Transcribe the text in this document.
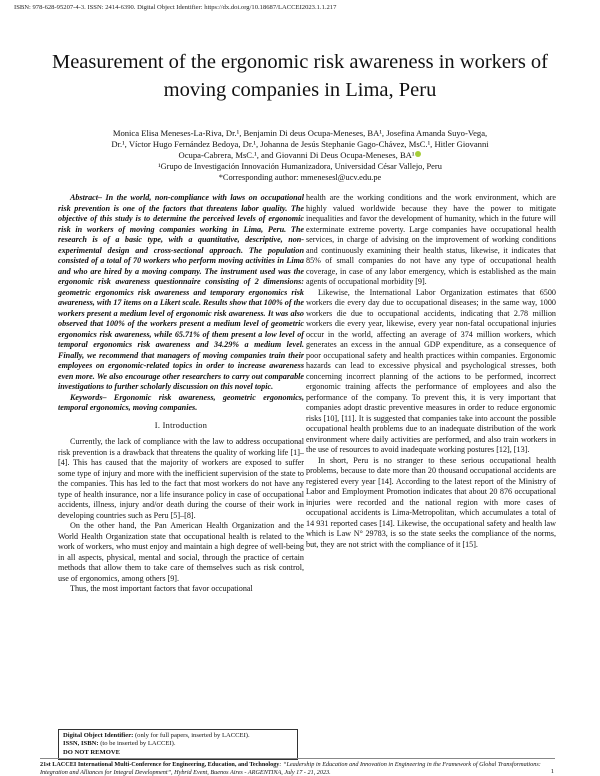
ISBN: 978-628-95207-4-3. ISSN: 2414-6390. Digital Object Identifier: https://dx.doi.org/10.18687/LACCEI2023.1.1.217
Measurement of the ergonomic risk awareness in workers of moving companies in Lima, Peru
Monica Elisa Meneses-La-Riva, Dr.¹, Benjamin Di deus Ocupa-Meneses, BA¹, Josefina Amanda Suyo-Vega,
Dr.¹, Víctor Hugo Fernández Bedoya, Dr.¹, Johanna de Jesús Stephanie Gago-Chávez, MsC.¹, Hitler Giovanni
Ocupa-Cabrera, MsC.¹, and Giovanni Di Deus Ocupa-Meneses, BA¹
¹Grupo de Investigación Innovación Humanizadora, Universidad César Vallejo, Peru
*Corresponding author: mmenesesl@ucv.edu.pe

Abstract– In the world, non-compliance with laws on occupational risk prevention is one of the factors that threatens labor quality. The objective of this study is to determine the perceived levels of ergonomic risk in workers of moving companies working in Lima, Peru. The research is of a basic type, with a quantitative, descriptive, non-experimental design and cross-sectional approach. The population consisted of a total of 70 workers who perform moving activities in Lima and who are hired by a moving company. The instrument used was the ergonomic risk awareness questionnaire consisting of 2 dimensions: geometric ergonomics risk awareness and temporary ergonomics risk awareness, with 17 items on a Likert scale. Results show that 100% of the workers present a medium level of ergonomic risk awareness. It was also observed that 100% of the workers present a medium level of geometric ergonomics risk awareness, while 65.71% of them present a low level of temporal ergonomics risk awareness and 34.29% a medium level. Finally, we recommend that managers of moving companies train their employees on ergonomic-related topics in order to increase awareness even more. We also encourage other researchers to carry out comparable investigations to further scholarly discussion on this novel topic.

Keywords– Ergonomic risk awareness, geometric ergonomics, temporal ergonomics, moving companies.

I. Introduction

Currently, the lack of compliance with the law to address occupational risk prevention is a drawback that threatens the quality of working life [1]–[4]. This has caused that the majority of workers are exposed to suffer some type of injury and more with the inefficient supervision of the state to the companies. This has led to the fact that most workers do not have any type of health insurance, nor a life insurance policy in case of occupational accidents, illness, injury and/or death during the course of their work in developing countries such as Peru [5]–[8].

On the other hand, the Pan American Health Organization and the World Health Organization state that occupational health is related to the work of workers, who must enjoy and maintain a high degree of well-being in all aspects, physical, mental and social, through the practice of certain methods that allow them to take care of themselves such as risk control, use of ergonomics, among others [9].

Thus, the most important factors that favor occupational

health are the working conditions and the work environment, which are highly valued worldwide because they have the power to mitigate inequalities and favor the development of humanity, which in the future will exterminate extreme poverty. Large companies have occupational health services, in charge of advising on the improvement of working conditions and continuously examining their health status, likewise, it indicates that 85% of small companies do not have any type of occupational health coverage, in case of any labor emergency, which is established as the main agents of occupational morbidity [9].

Likewise, the International Labor Organization estimates that 6500 workers die every day due to occupational diseases; in the same way, 1000 workers die due to occupational accidents, indicating that 2.78 million workers die every year, likewise, every year non-fatal occupational injuries occur in the world, affecting an average of 374 million workers, which generates an excess in the annual GDP expenditure, as a consequence of poor occupational safety and health practices within companies. Ergonomic hazards can lead to excessive physical and psychological stresses, both concerning incorrect planning of the actions to be performed, incorrect ergonomic training affects the performance of employees and also the performance of the company. To prevent this, it is very important that companies adopt drastic preventive measures in order to reduce ergonomic risks [10], [11]. It is suggested that companies take into account the possible occupational health problems due to an inadequate distribution of the work environment where daily activities are performed, and also train workers in the use of resources to avoid inadequate working postures [12], [13].

In short, Peru is no stranger to these serious occupational health problems, because to date more than 20 thousand occupational accidents are registered every year [14]. According to the latest report of the Ministry of Labor and Employment Promotion indicates that about 20 876 occupational injuries were recorded and the national region with more cases of occupational accidents is Lima-Metropolitan, which accumulates a total of 14 931 reported cases [14]. Likewise, the occupational safety and health law which is Law N° 29783, is so the state seeks the compliance of the norms, but, they are not strict with the compliance of it [15].

Digital Object Identifier: (only for full papers, inserted by LACCEI).
ISSN, ISBN: (to be inserted by LACCEI).
DO NOT REMOVE
21st LACCEI International Multi-Conference for Engineering, Education, and Technology: “Leadership in Education and Innovation in Engineering in the Framework of Global Transformations: Integration and Alliances for Integral Development”, Hybrid Event, Buenos Aires - ARGENTINA, July 17 - 21, 2023.	1
